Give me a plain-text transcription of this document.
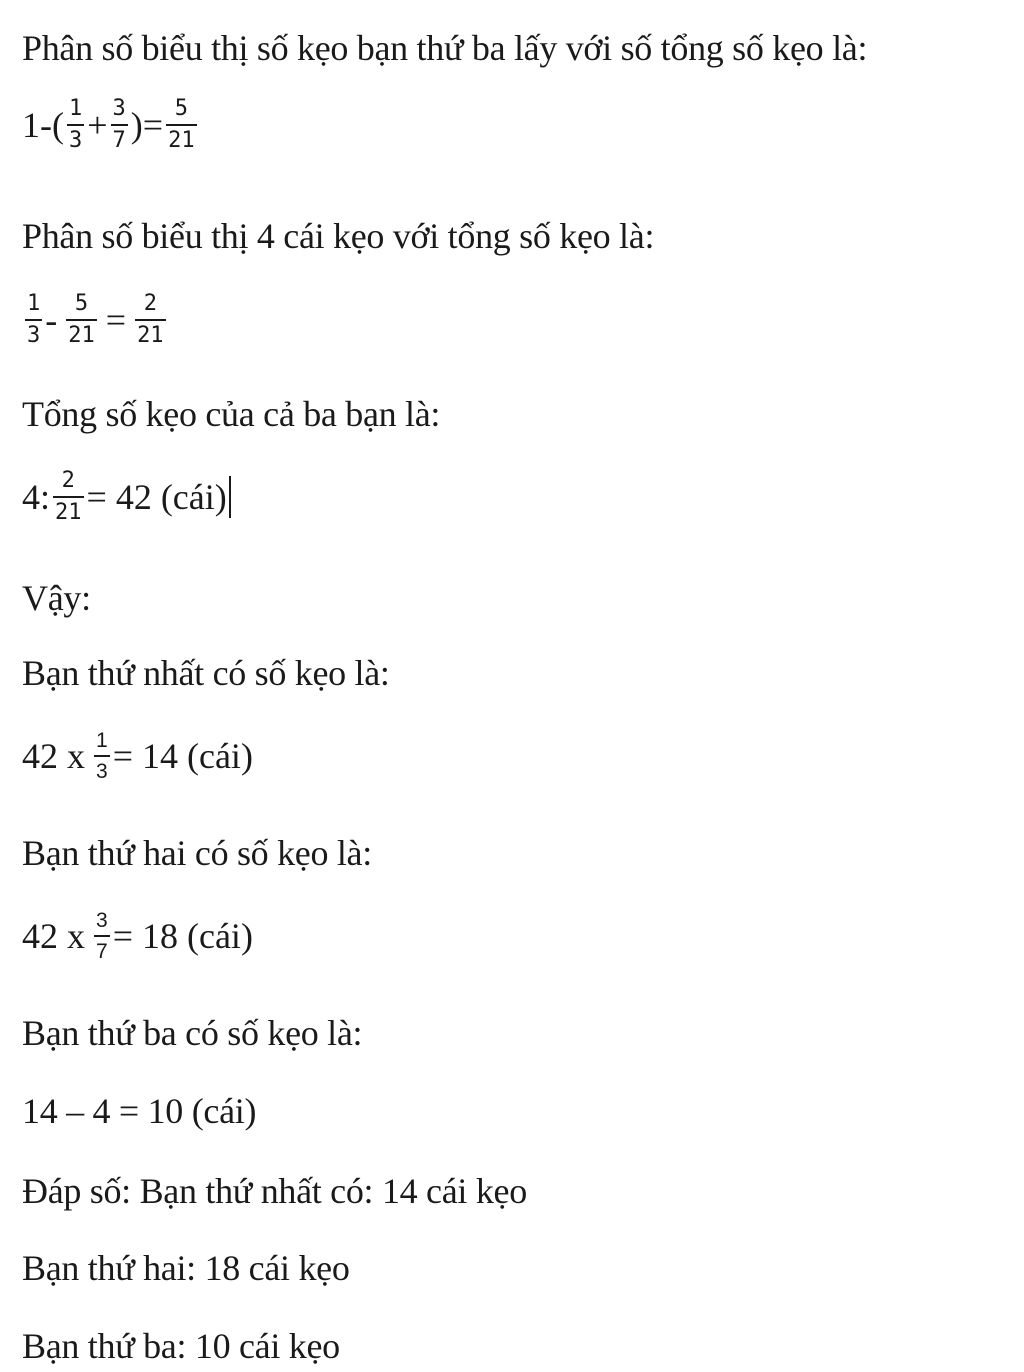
Phân số biểu thị số kẹo bạn thứ ba lấy với số tổng số kẹo là:
$1-( \frac{1}{3} + \frac{3}{7}$ )= $\frac{5}{21}$
Phân số biểu thị 4 cái kẹo với tổng số kẹo là:
$\frac{1}{3} - \frac{5}{21} = \frac{2}{21}$
Tổng số kẹo của cả ba bạn là:
4: $\frac{2}{21} = 42$ (cái)
Vậy:
Bạn thứ nhất có số kẹo là:
42 x $\frac{1}{3} = 14$ (cái)
Bạn thứ hai có số kẹo là:
42 x $\frac{3}{7} = 18$ (cái)
Bạn thứ ba có số kẹo là:
14 – 4 = 10 (cái)
Đáp số: Bạn thứ nhất có: 14 cái kẹo
Bạn thứ hai: 18 cái kẹo
Bạn thứ ba: 10 cái kẹo
